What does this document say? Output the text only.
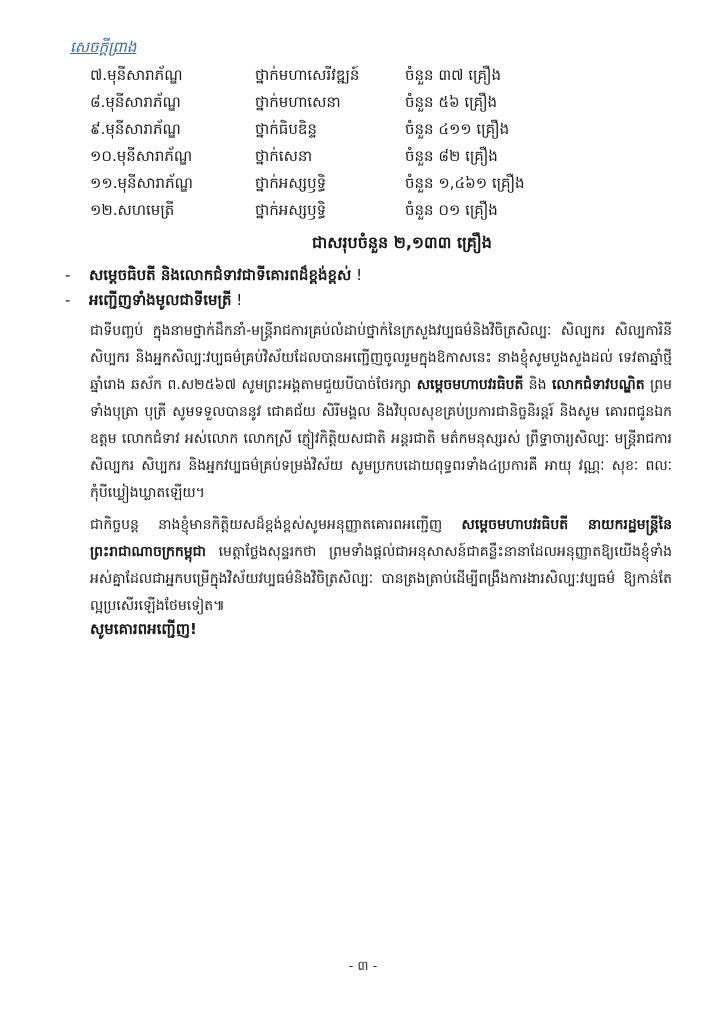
សេចក្តីព្រាង
៧.មុនីសារាភ័ណ្ឌ	ថ្នាក់មហាសេរីវឌ្ឍន៍	ចំនួន ៣៧ គ្រឿង
៨.មុនីសារាភ័ណ្ឌ	ថ្នាក់មហាសេនា	ចំនួន ៥៦ គ្រឿង
៩.មុនីសារាភ័ណ្ឌ	ថ្នាក់ធិបឌិន្ទ	ចំនួន ៤១១ គ្រឿង
១០.មុនីសារាភ័ណ្ឌ	ថ្នាក់សេនា	ចំនួន ៨២ គ្រឿង
១១.មុនីសារាភ័ណ្ឌ	ថ្នាក់អស្សឫទ្ធិ	ចំនួន ១,៤៦១ គ្រឿង
១២.សហមេត្រី	ថ្នាក់អស្សឫទ្ធិ	ចំនួន ០១ គ្រឿង
ជាសរុបចំនួន ២,១៣៣ គ្រឿង
- សម្តេចធិបតី និងលោកជំទាវជាទីគោរពដ៏ខ្ពង់ខ្ពស់ !
- អញ្ជើញទាំងមូលជាទីមេត្រី !
ជាទីបញ្ចប់ ក្នុងនាមថ្នាក់ដឹកនាំ-មន្ត្រីរាជការគ្រប់លំដាប់ថ្នាក់នៃក្រសួងវប្បធម៌និងវិចិត្រសិល្បៈ សិល្បករ សិល្បការិនី សិប្បករ និងអ្នកសិល្បៈវប្បធម៌គ្រប់វិស័យដែលបានអញ្ជើញចូលរួមក្នុងឱកាសនេះ នាងខ្ញុំសូមបួងសួងដល់ ទេវតាឆ្នាំថ្មី ឆ្នាំរោង ឆស័ក ព.ស២៥៦៧ សូមព្រះអង្គតាមជួយបីបាច់ថែរក្សា សម្តេចមហាបវរធិបតី និង លោកជំទាវបណ្ឌិត ព្រមទាំងបុត្រា បុត្រី សូមទទួលបាននូវ ជោគជ័យ សិរីមង្គល និងវិបុលសុខគ្រប់ប្រការជានិច្ចនិរន្តរ៍ និងសូម គោរពជូនឯក ឧត្តម លោកជំទាវ អស់លោក លោកស្រី ភ្ញៀវកិត្តិយសជាតិ អន្តរជាតិ មត៌កមនុស្សរស់ ព្រឹទ្ធាចារ្យសិល្បៈ មន្ត្រីរាជការ សិល្បករ សិប្បករ និងអ្នកវប្បធម៌គ្រប់ទម្រង់វិស័យ សូមប្រកបដោយពុទ្ធពរទាំង៤ប្រការគឺ អាយុ វណ្ណៈ សុខៈ ពលៈ កុំបីឃ្លៀងឃ្លាតឡើយ។
ជាកិច្ចបន្ត នាងខ្ញុំមានកិត្តិយសដ៏ខ្ពង់ខ្ពស់សូមអនុញ្ញាតគោរពអញ្ជើញ សម្តេចមហាបវរធិបតី នាយករដ្ឋមន្ត្រីនៃព្រះរាជាណាចក្រកម្ពុជា មេត្តាថ្លែងសុន្ទរកថា ព្រមទាំងផ្តល់ជាអនុសាសន៍ជាគន្លឹះនានាដែលអនុញ្ញាតឱ្យយើងខ្ញុំទាំងអស់គ្នាដែលជាអ្នកបម្រើក្នុងវិស័យវប្បធម៌និងវិចិត្រសិល្បៈ បានត្រងត្រាប់ដើម្បីពង្រឹងការងារសិល្បៈវប្បធម៌ ឱ្យកាន់តែល្អប្រសើរឡើងថែមទៀត៕
សូមគោរពអញ្ជើញ!
- ៣ -
